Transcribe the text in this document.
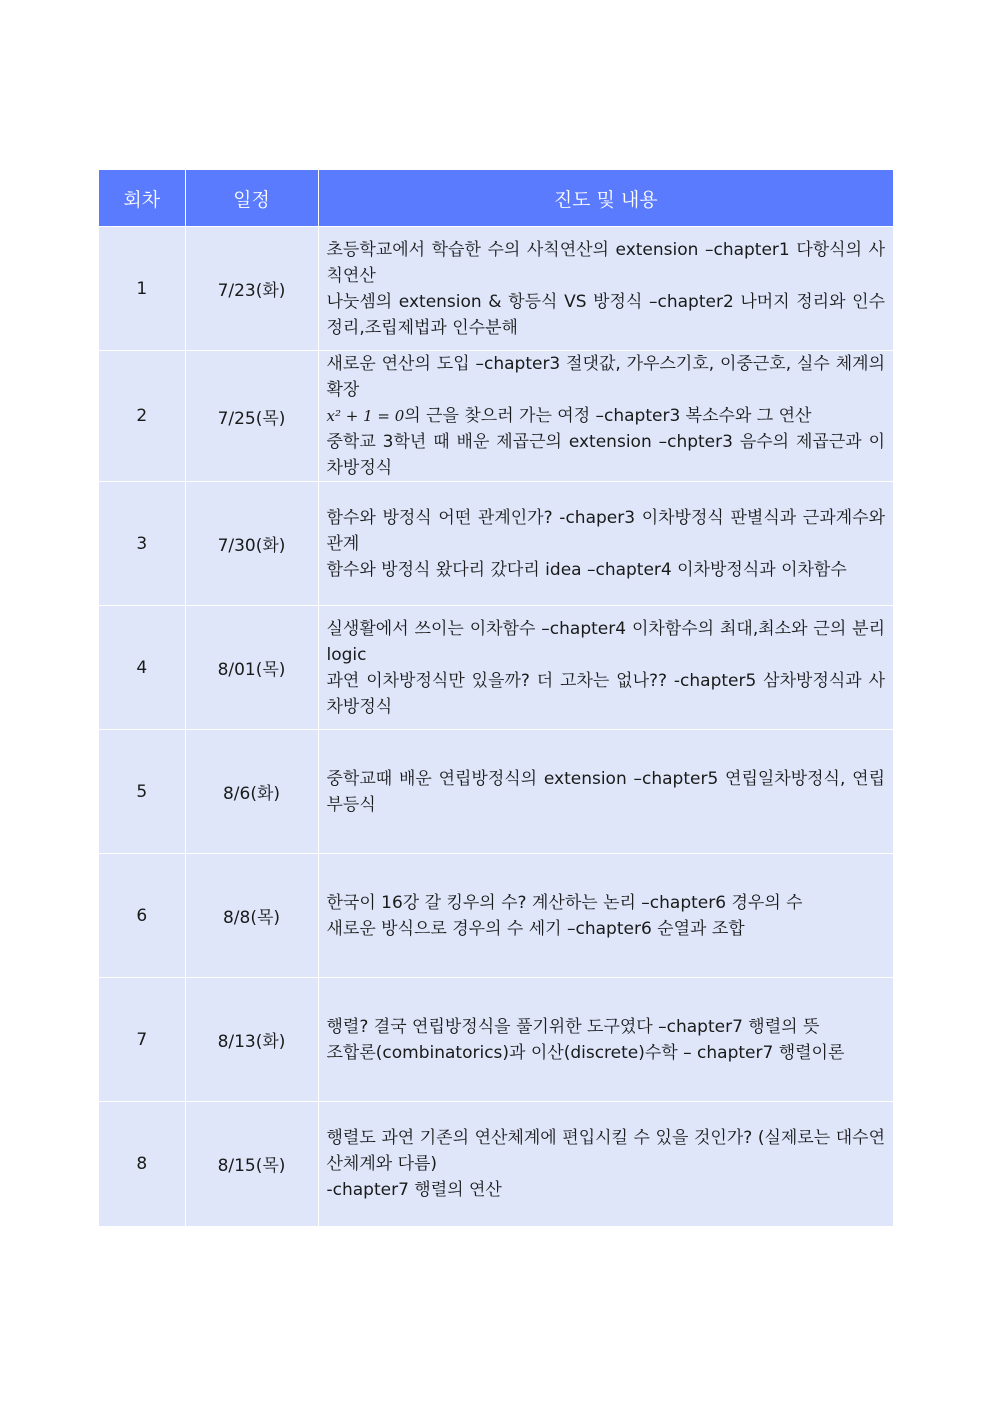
회차	일정	진도 및 내용
1	7/23(화)	초등학교에서 학습한 수의 사칙연산의 extension –chapter1 다항식의 사칙연산
나눗셈의 extension & 항등식 VS 방정식 –chapter2 나머지 정리와 인수정리,조립제법과 인수분해

2	7/25(목)	새로운 연산의 도입 –chapter3 절댓값, 가우스기호, 이중근호, 실수 체계의 확장
x² + 1 = 0의 근을 찾으러 가는 여정 –chapter3 복소수와 그 연산
중학교 3학년 때 배운 제곱근의 extension –chpter3 음수의 제곱근과 이차방정식

3	7/30(화)	함수와 방정식 어떤 관계인가? -chaper3 이차방정식 판별식과 근과계수와 관계
함수와 방정식 왔다리 갔다리 idea –chapter4 이차방정식과 이차함수

4	8/01(목)	실생활에서 쓰이는 이차함수 –chapter4 이차함수의 최대,최소와 근의 분리 logic
과연 이차방정식만 있을까? 더 고차는 없나?? -chapter5 삼차방정식과 사차방정식

5	8/6(화)	중학교때 배운 연립방정식의 extension –chapter5 연립일차방정식, 연립부등식

6	8/8(목)	한국이 16강 갈 킹우의 수? 계산하는 논리 –chapter6 경우의 수
새로운 방식으로 경우의 수 세기 –chapter6 순열과 조합

7	8/13(화)	행렬? 결국 연립방정식을 풀기위한 도구였다 –chapter7 행렬의 뜻
조합론(combinatorics)과 이산(discrete)수학 – chapter7 행렬이론

8	8/15(목)	행렬도 과연 기존의 연산체계에 편입시킬 수 있을 것인가? (실제로는 대수연산체계와 다름)
-chapter7 행렬의 연산
